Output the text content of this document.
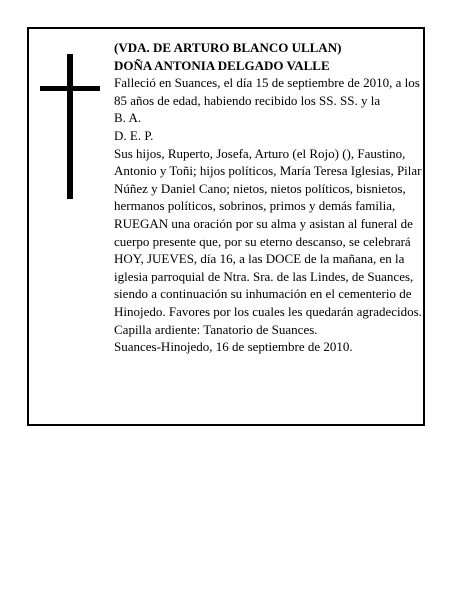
(VDA. DE ARTURO BLANCO ULLAN)

DOÑA ANTONIA DELGADO VALLE

Falleció en Suances, el día 15 de septiembre de 2010, a los 85 años de edad, habiendo recibido los SS. SS. y la

B. A.

D. E. P.

Sus hijos, Ruperto, Josefa, Arturo (el Rojo) (), Faustino, Antonio y Toñi; hijos políticos, María Teresa Iglesias, Pilar Núñez y Daniel Cano; nietos, nietos políticos, bisnietos, hermanos políticos, sobrinos, primos y demás familia,

RUEGAN una oración por su alma y asistan al funeral de cuerpo presente que, por su eterno descanso, se celebrará HOY, JUEVES, día 16, a las DOCE de la mañana, en la iglesia parroquial de Ntra. Sra. de las Lindes, de Suances, siendo a continuación su inhumación en el cementerio de Hinojedo. Favores por los cuales les quedarán agradecidos. Capilla ardiente: Tanatorio de Suances.

Suances-Hinojedo, 16 de septiembre de 2010.
